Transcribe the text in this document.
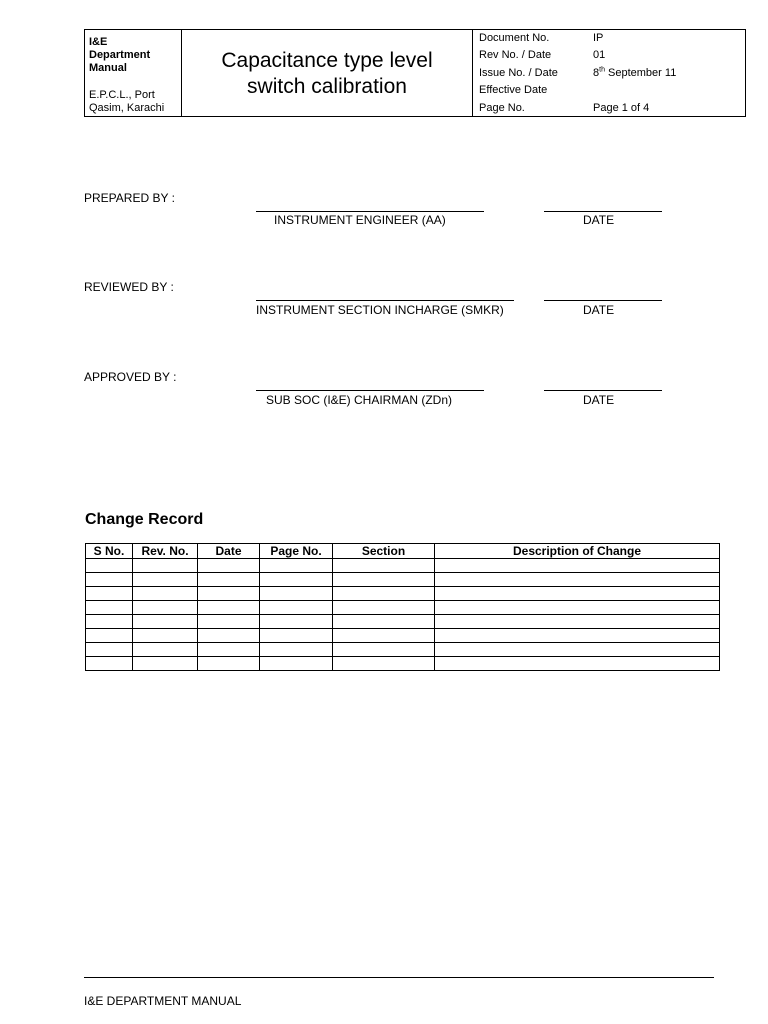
I&E
Department
Manual
E.P.C.L., Port
Qasim, Karachi
Capacitance type level
switch calibration
Document No.	IP
Rev No. / Date	01
Issue No. / Date	8th September 11
Effective Date
Page No.	Page 1 of 4
PREPARED BY :
INSTRUMENT ENGINEER (AA)	DATE
REVIEWED BY :
INSTRUMENT SECTION INCHARGE (SMKR)	DATE
APPROVED BY :
SUB SOC (I&E) CHAIRMAN (ZDn)	DATE
Change Record
S No.	Rev. No.	Date	Page No.	Section	Description of Change

I&E DEPARTMENT MANUAL
